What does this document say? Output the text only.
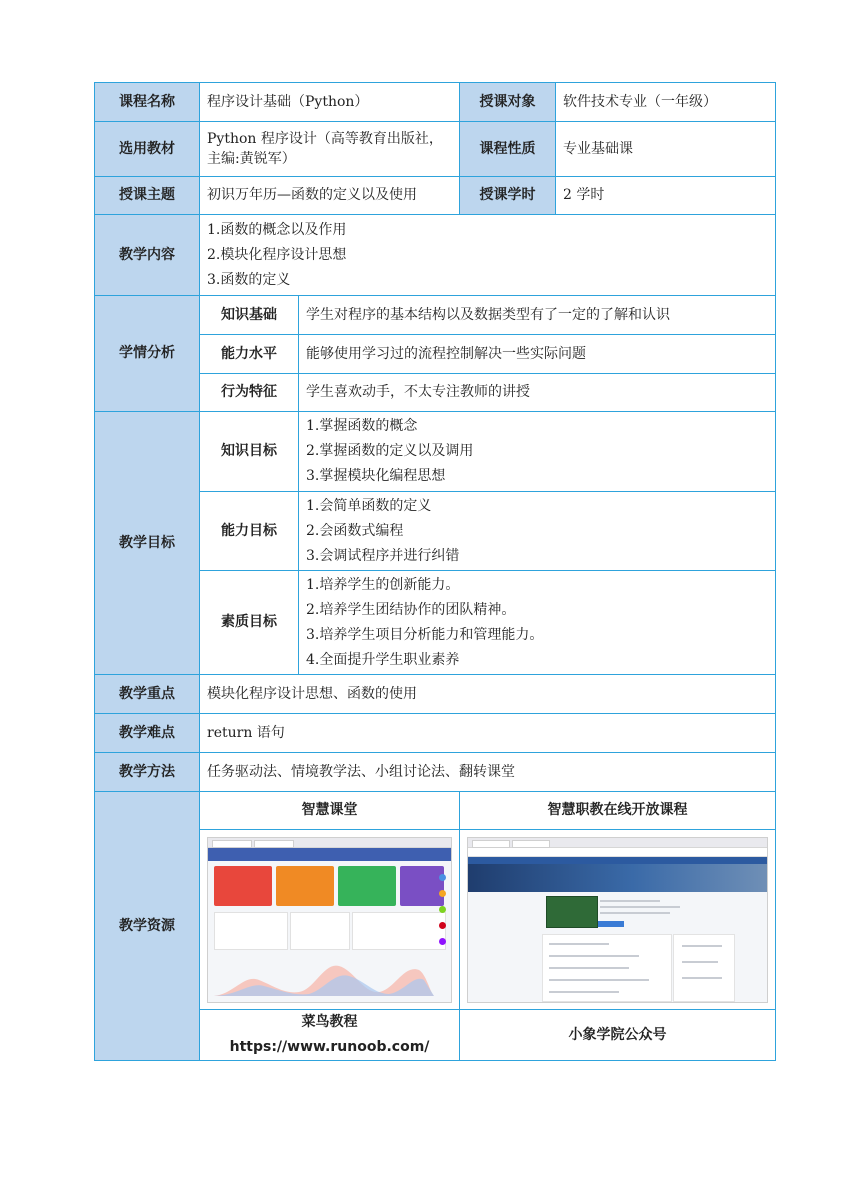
课程名称	程序设计基础（Python）		授课对象	软件技术专业（一年级）
选用教材	Python 程序设计（高等教育出版社，
主编:黄锐军）		课程性质	专业基础课
授课主题	初识万年历—函数的定义以及使用		授课学时	2 学时
教学内容	1.函数的概念以及作用
2.模块化程序设计思想
3.函数的定义			

学情分析	知识基础	学生对程序的基本结构以及数据类型有了一定的了解和认识		
	能力水平	能够使用学习过的流程控制解决一些实际问题		
	行为特征	学生喜欢动手，不太专注教师的讲授		
教学目标	知识目标	1.掌握函数的概念
2.掌握函数的定义以及调用
3.掌握模块化编程思想		

	能力目标	1.会简单函数的定义
2.会函数式编程
3.会调试程序并进行纠错		

	素质目标	1.培养学生的创新能力。
2.培养学生团结协作的团队精神。
3.培养学生项目分析能力和管理能力。
4.全面提升学生职业素养		

教学重点	模块化程序设计思想、函数的使用			
教学难点	return 语句			
教学方法	任务驱动法、情境教学法、小组讨论法、翻转课堂			
教学资源	智慧课堂		智慧职教在线开放课程	

	菜鸟教程 https://www.runoob.com/		小象学院公众号	
